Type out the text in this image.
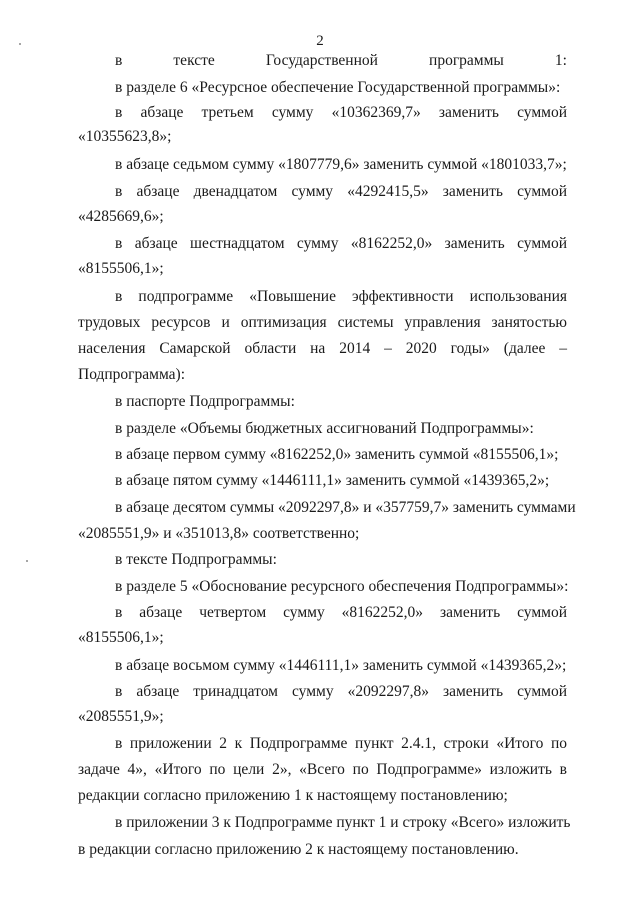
2
в тексте Государственной программы 1:
в разделе 6 «Ресурсное обеспечение Государственной программы»:
в абзаце третьем сумму «10362369,7» заменить суммой
«10355623,8»;
в абзаце седьмом сумму «1807779,6» заменить суммой «1801033,7»;
в абзаце двенадцатом сумму «4292415,5» заменить суммой
«4285669,6»;
в абзаце шестнадцатом сумму «8162252,0» заменить суммой
«8155506,1»;
в подпрограмме «Повышение эффективности использования
трудовых ресурсов и оптимизация системы управления занятостью
населения Самарской области на 2014 – 2020 годы» (далее –
Подпрограмма):
в паспорте Подпрограммы:
в разделе «Объемы бюджетных ассигнований Подпрограммы»:
в абзаце первом сумму «8162252,0» заменить суммой «8155506,1»;
в абзаце пятом сумму «1446111,1» заменить суммой «1439365,2»;
в абзаце десятом суммы «2092297,8» и «357759,7» заменить суммами
«2085551,9» и «351013,8» соответственно;
в тексте Подпрограммы:
в разделе 5 «Обоснование ресурсного обеспечения Подпрограммы»:
в абзаце четвертом сумму «8162252,0» заменить суммой
«8155506,1»;
в абзаце восьмом сумму «1446111,1» заменить суммой «1439365,2»;
в абзаце тринадцатом сумму «2092297,8» заменить суммой
«2085551,9»;
в приложении 2 к Подпрограмме пункт 2.4.1, строки «Итого по
задаче 4», «Итого по цели 2», «Всего по Подпрограмме» изложить в
редакции согласно приложению 1 к настоящему постановлению;
в приложении 3 к Подпрограмме пункт 1 и строку «Всего» изложить
в редакции согласно приложению 2 к настоящему постановлению.
